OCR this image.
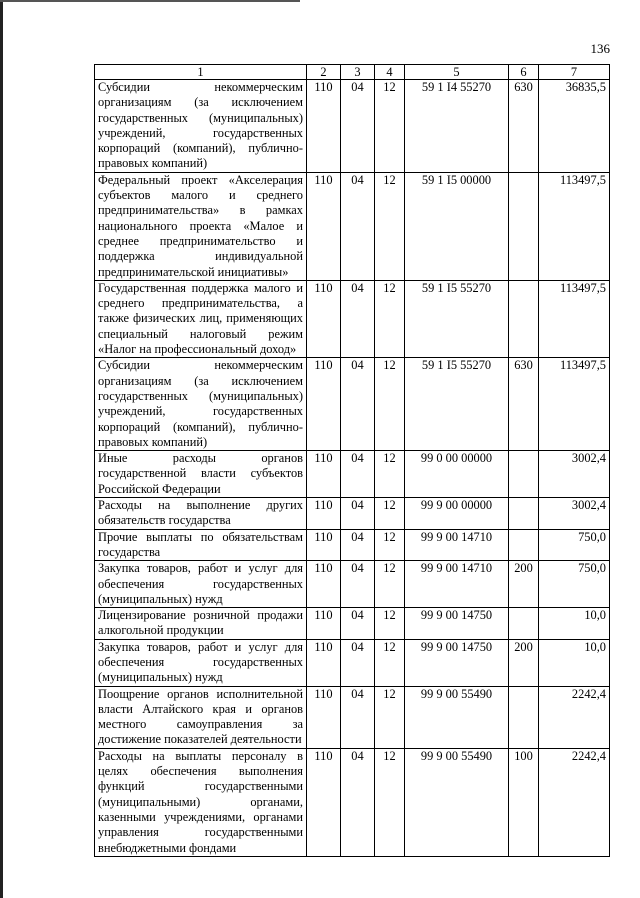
136
1	2	3	4	5	6	7
Субсидии некоммерческим организациям (за исключением государственных (муниципальных) учреждений, государственных корпораций (компаний), публично-правовых компаний)	110	04	12	59 1 I4 55270	630	36835,5
Федеральный проект «Акселерация субъектов малого и среднего предпринимательства» в рамках национального проекта «Малое и среднее предпринимательство и поддержка индивидуальной предпринимательской инициативы»	110	04	12	59 1 I5 00000		113497,5
Государственная поддержка малого и среднего предпринимательства, а также физических лиц, применяющих специальный налоговый режим «Налог на профессиональный доход»	110	04	12	59 1 I5 55270		113497,5
Субсидии некоммерческим организациям (за исключением государственных (муниципальных) учреждений, государственных корпораций (компаний), публично-правовых компаний)	110	04	12	59 1 I5 55270	630	113497,5
Иные расходы органов государственной власти субъектов Российской Федерации	110	04	12	99 0 00 00000		3002,4
Расходы на выполнение других обязательств государства	110	04	12	99 9 00 00000		3002,4
Прочие выплаты по обязательствам государства	110	04	12	99 9 00 14710		750,0
Закупка товаров, работ и услуг для обеспечения государственных (муниципальных) нужд	110	04	12	99 9 00 14710	200	750,0
Лицензирование розничной продажи алкогольной продукции	110	04	12	99 9 00 14750		10,0
Закупка товаров, работ и услуг для обеспечения государственных (муниципальных) нужд	110	04	12	99 9 00 14750	200	10,0
Поощрение органов исполнительной власти Алтайского края и органов местного самоуправления за достижение показателей деятельности	110	04	12	99 9 00 55490		2242,4
Расходы на выплаты персоналу в целях обеспечения выполнения функций государственными (муниципальными) органами, казенными учреждениями, органами управления государственными внебюджетными фондами	110	04	12	99 9 00 55490	100	2242,4
